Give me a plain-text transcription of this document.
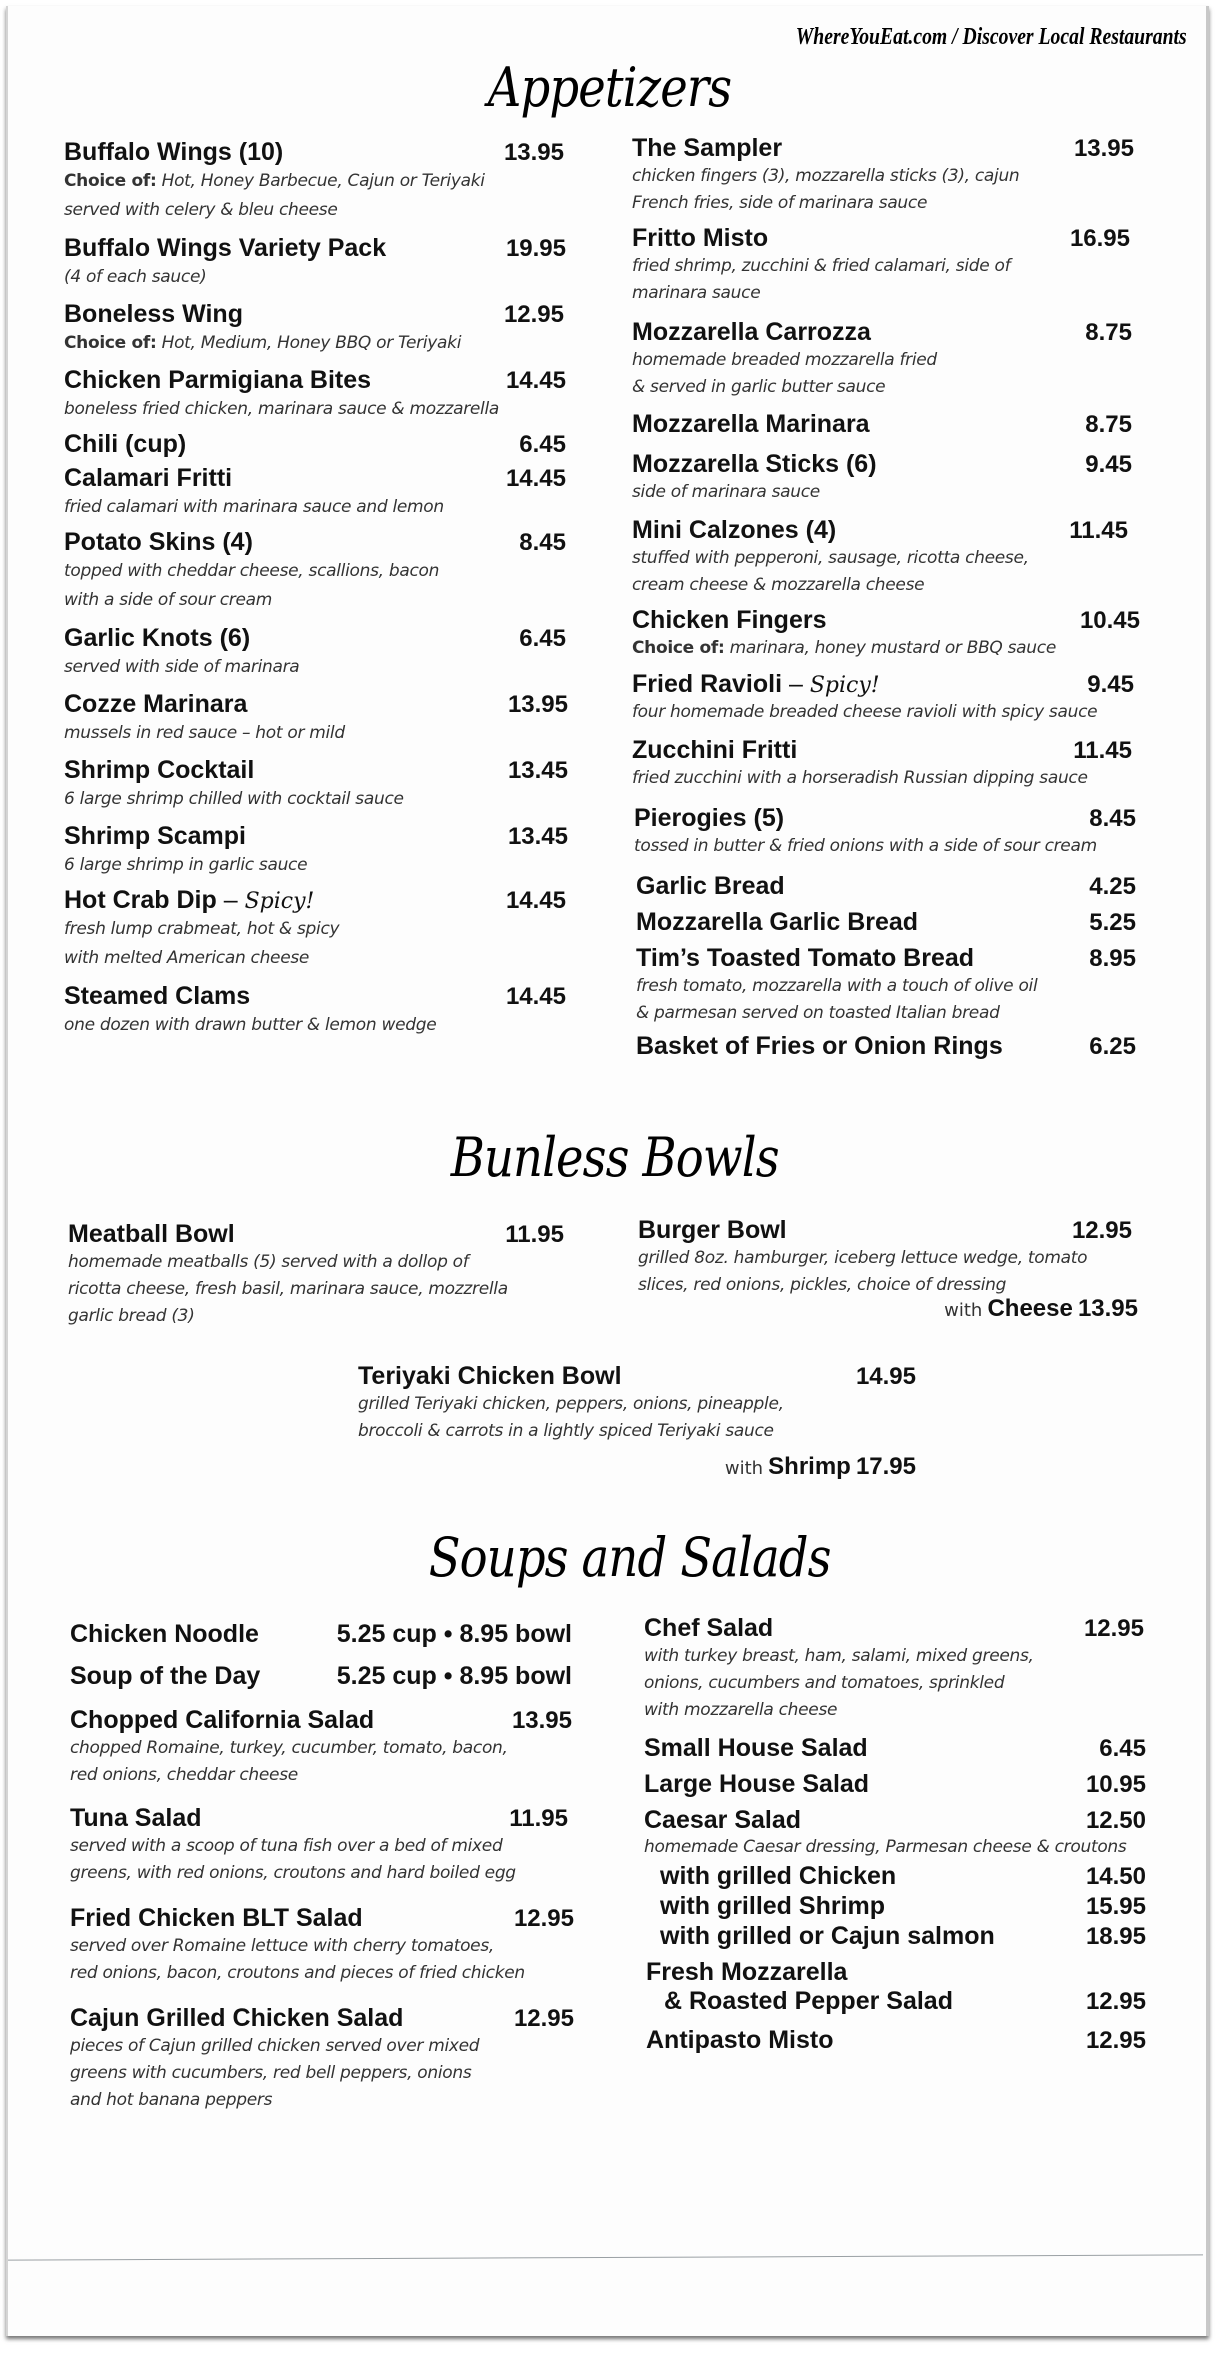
WhereYouEat.com / Discover Local Restaurants
Appetizers
Buffalo Wings (10)	13.95
Choice of: Hot, Honey Barbecue, Cajun or Teriyaki
served with celery & bleu cheese
Buffalo Wings Variety Pack	19.95
(4 of each sauce)
Boneless Wing	12.95
Choice of: Hot, Medium, Honey BBQ or Teriyaki
Chicken Parmigiana Bites	14.45
boneless fried chicken, marinara sauce & mozzarella
Chili (cup)	6.45
Calamari Fritti	14.45
fried calamari with marinara sauce and lemon
Potato Skins (4)	8.45
topped with cheddar cheese, scallions, bacon
with a side of sour cream
Garlic Knots (6)	6.45
served with side of marinara
Cozze Marinara	13.95
mussels in red sauce – hot or mild
Shrimp Cocktail	13.45
6 large shrimp chilled with cocktail sauce
Shrimp Scampi	13.45
6 large shrimp in garlic sauce
Hot Crab Dip – Spicy!	14.45
fresh lump crabmeat, hot & spicy
with melted American cheese
Steamed Clams	14.45
one dozen with drawn butter & lemon wedge
The Sampler	13.95
chicken fingers (3), mozzarella sticks (3), cajun
French fries, side of marinara sauce
Fritto Misto	16.95
fried shrimp, zucchini & fried calamari, side of
marinara sauce
Mozzarella Carrozza	8.75
homemade breaded mozzarella fried
& served in garlic butter sauce
Mozzarella Marinara	8.75
Mozzarella Sticks (6)	9.45
side of marinara sauce
Mini Calzones (4)	11.45
stuffed with pepperoni, sausage, ricotta cheese,
cream cheese & mozzarella cheese
Chicken Fingers	10.45
Choice of: marinara, honey mustard or BBQ sauce
Fried Ravioli – Spicy!	9.45
four homemade breaded cheese ravioli with spicy sauce
Zucchini Fritti	11.45
fried zucchini with a horseradish Russian dipping sauce
Pierogies (5)	8.45
tossed in butter & fried onions with a side of sour cream
Garlic Bread	4.25
Mozzarella Garlic Bread	5.25
Tim’s Toasted Tomato Bread	8.95
fresh tomato, mozzarella with a touch of olive oil
& parmesan served on toasted Italian bread
Basket of Fries or Onion Rings	6.25
Bunless Bowls
Meatball Bowl	11.95
homemade meatballs (5) served with a dollop of
ricotta cheese, fresh basil, marinara sauce, mozzrella
garlic bread (3)
Burger Bowl	12.95
grilled 8oz. hamburger, iceberg lettuce wedge, tomato
slices, red onions, pickles, choice of dressing
with Cheese 13.95
Teriyaki Chicken Bowl	14.95
grilled Teriyaki chicken, peppers, onions, pineapple,
broccoli & carrots in a lightly spiced Teriyaki sauce
with Shrimp 17.95
Soups and Salads
Chicken Noodle	5.25 cup • 8.95 bowl
Soup of the Day	5.25 cup • 8.95 bowl
Chopped California Salad	13.95
chopped Romaine, turkey, cucumber, tomato, bacon,
red onions, cheddar cheese
Tuna Salad	11.95
served with a scoop of tuna fish over a bed of mixed
greens, with red onions, croutons and hard boiled egg
Fried Chicken BLT Salad	12.95
served over Romaine lettuce with cherry tomatoes,
red onions, bacon, croutons and pieces of fried chicken
Cajun Grilled Chicken Salad	12.95
pieces of Cajun grilled chicken served over mixed
greens with cucumbers, red bell peppers, onions
and hot banana peppers
Chef Salad	12.95
with turkey breast, ham, salami, mixed greens,
onions, cucumbers and tomatoes, sprinkled
with mozzarella cheese
Small House Salad	6.45
Large House Salad	10.95
Caesar Salad	12.50
homemade Caesar dressing, Parmesan cheese & croutons
with grilled Chicken	14.50
with grilled Shrimp	15.95
with grilled or Cajun salmon	18.95
Fresh Mozzarella
& Roasted Pepper Salad	12.95
Antipasto Misto	12.95
